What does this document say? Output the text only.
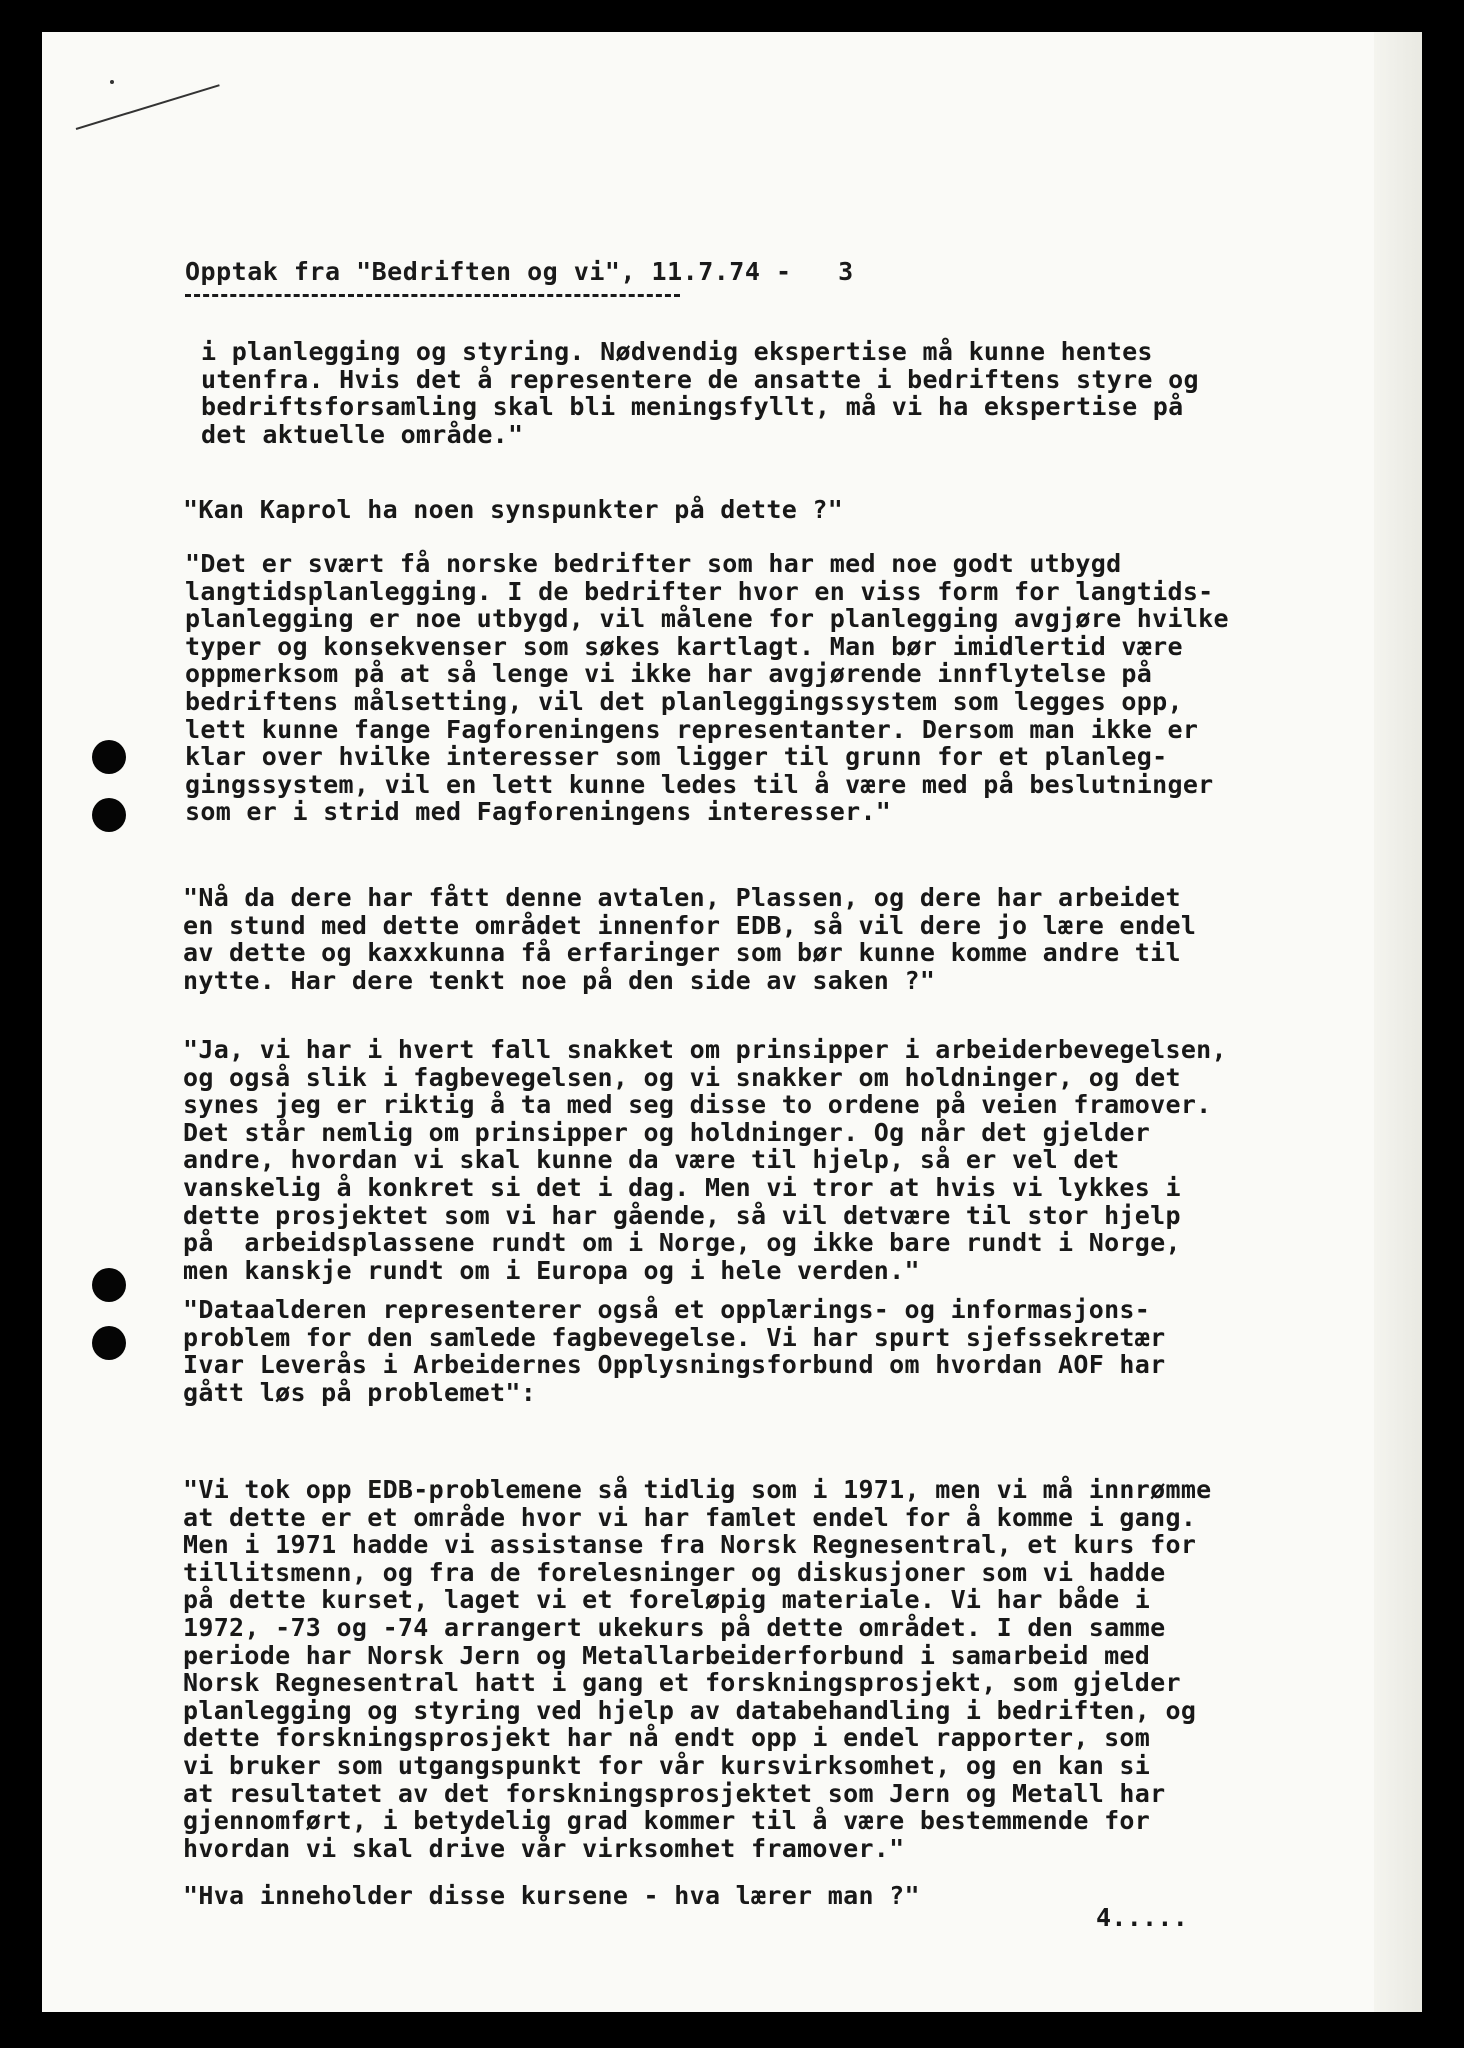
Opptak fra "Bedriften og vi", 11.7.74 -   3
i planlegging og styring. Nødvendig ekspertise må kunne hentes
utenfra. Hvis det å representere de ansatte i bedriftens styre og
bedriftsforsamling skal bli meningsfyllt, må vi ha ekspertise på
det aktuelle område."
"Kan Kaprol ha noen synspunkter på dette ?"
"Det er svært få norske bedrifter som har med noe godt utbygd
langtidsplanlegging. I de bedrifter hvor en viss form for langtids-
planlegging er noe utbygd, vil målene for planlegging avgjøre hvilke
typer og konsekvenser som søkes kartlagt. Man bør imidlertid være
oppmerksom på at så lenge vi ikke har avgjørende innflytelse på
bedriftens målsetting, vil det planleggingssystem som legges opp,
lett kunne fange Fagforeningens representanter. Dersom man ikke er
klar over hvilke interesser som ligger til grunn for et planleg-
gingssystem, vil en lett kunne ledes til å være med på beslutninger
som er i strid med Fagforeningens interesser."
"Nå da dere har fått denne avtalen, Plassen, og dere har arbeidet
en stund med dette området innenfor EDB, så vil dere jo lære endel
av dette og kaxxkunna få erfaringer som bør kunne komme andre til
nytte. Har dere tenkt noe på den side av saken ?"
"Ja, vi har i hvert fall snakket om prinsipper i arbeiderbevegelsen,
og også slik i fagbevegelsen, og vi snakker om holdninger, og det
synes jeg er riktig å ta med seg disse to ordene på veien framover.
Det står nemlig om prinsipper og holdninger. Og når det gjelder
andre, hvordan vi skal kunne da være til hjelp, så er vel det
vanskelig å konkret si det i dag. Men vi tror at hvis vi lykkes i
dette prosjektet som vi har gående, så vil detvære til stor hjelp
på  arbeidsplassene rundt om i Norge, og ikke bare rundt i Norge,
men kanskje rundt om i Europa og i hele verden."
"Dataalderen representerer også et opplærings- og informasjons-
problem for den samlede fagbevegelse. Vi har spurt sjefssekretær
Ivar Leverås i Arbeidernes Opplysningsforbund om hvordan AOF har
gått løs på problemet":
"Vi tok opp EDB-problemene så tidlig som i 1971, men vi må innrømme
at dette er et område hvor vi har famlet endel for å komme i gang.
Men i 1971 hadde vi assistanse fra Norsk Regnesentral, et kurs for
tillitsmenn, og fra de forelesninger og diskusjoner som vi hadde
på dette kurset, laget vi et foreløpig materiale. Vi har både i
1972, -73 og -74 arrangert ukekurs på dette området. I den samme
periode har Norsk Jern og Metallarbeiderforbund i samarbeid med
Norsk Regnesentral hatt i gang et forskningsprosjekt, som gjelder
planlegging og styring ved hjelp av databehandling i bedriften, og
dette forskningsprosjekt har nå endt opp i endel rapporter, som
vi bruker som utgangspunkt for vår kursvirksomhet, og en kan si
at resultatet av det forskningsprosjektet som Jern og Metall har
gjennomført, i betydelig grad kommer til å være bestemmende for
hvordan vi skal drive vår virksomhet framover."
"Hva inneholder disse kursene - hva lærer man ?"
4.....
